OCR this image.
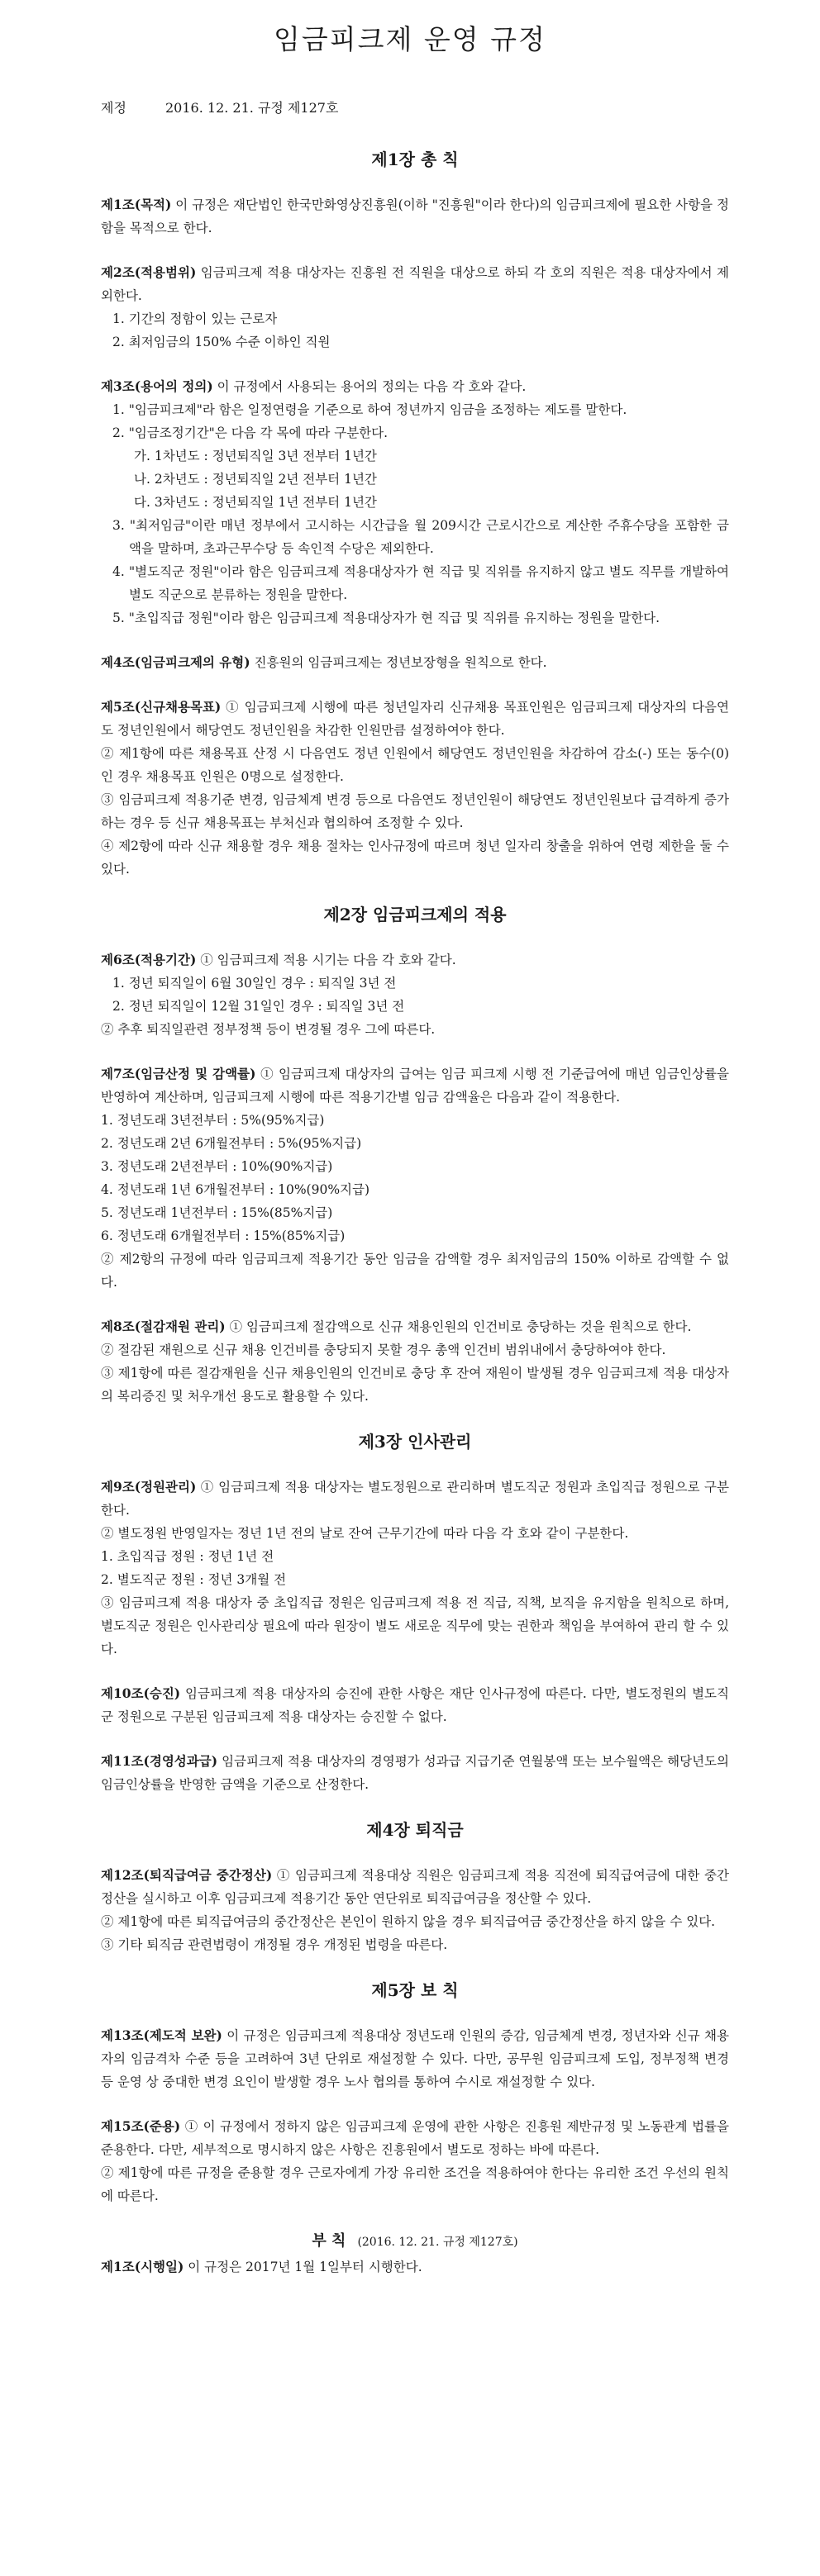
임금피크제 운영 규정
제정	2016. 12. 21. 규정 제127호
제1장 총 칙
제1조(목적) 이 규정은 재단법인 한국만화영상진흥원(이하 "진흥원"이라 한다)의 임금피크제에 필요한 사항을 정함을 목적으로 한다.
제2조(적용범위) 임금피크제 적용 대상자는 진흥원 전 직원을 대상으로 하되 각 호의 직원은 적용 대상자에서 제외한다.
1. 기간의 정함이 있는 근로자
2. 최저임금의 150% 수준 이하인 직원
제3조(용어의 정의) 이 규정에서 사용되는 용어의 정의는 다음 각 호와 같다.
1. "임금피크제"라 함은 일정연령을 기준으로 하여 정년까지 임금을 조정하는 제도를 말한다.
2. "임금조정기간"은 다음 각 목에 따라 구분한다.
가. 1차년도 : 정년퇴직일 3년 전부터 1년간
나. 2차년도 : 정년퇴직일 2년 전부터 1년간
다. 3차년도 : 정년퇴직일 1년 전부터 1년간
3. "최저임금"이란 매년 정부에서 고시하는 시간급을 월 209시간 근로시간으로 계산한 주휴수당을 포함한 금액을 말하며, 초과근무수당 등 속인적 수당은 제외한다.
4. "별도직군 정원"이라 함은 임금피크제 적용대상자가 현 직급 및 직위를 유지하지 않고 별도 직무를 개발하여 별도 직군으로 분류하는 정원을 말한다.
5. "초입직급 정원"이라 함은 임금피크제 적용대상자가 현 직급 및 직위를 유지하는 정원을 말한다.
제4조(임금피크제의 유형) 진흥원의 임금피크제는 정년보장형을 원칙으로 한다.
제5조(신규채용목표) ① 임금피크제 시행에 따른 청년일자리 신규채용 목표인원은 임금피크제 대상자의 다음연도 정년인원에서 해당연도 정년인원을 차감한 인원만큼 설정하여야 한다.
② 제1항에 따른 채용목표 산정 시 다음연도 정년 인원에서 해당연도 정년인원을 차감하여 감소(-) 또는 동수(0)인 경우 채용목표 인원은 0명으로 설정한다.
③ 임금피크제 적용기준 변경, 임금체계 변경 등으로 다음연도 정년인원이 해당연도 정년인원보다 급격하게 증가하는 경우 등 신규 채용목표는 부처신과 협의하여 조정할 수 있다.
④ 제2항에 따라 신규 채용할 경우 채용 절차는 인사규정에 따르며 청년 일자리 창출을 위하여 연령 제한을 둘 수 있다.
제2장 임금피크제의 적용
제6조(적용기간) ① 임금피크제 적용 시기는 다음 각 호와 같다.
1. 정년 퇴직일이 6월 30일인 경우 : 퇴직일 3년 전
2. 정년 퇴직일이 12월 31일인 경우 : 퇴직일 3년 전
② 추후 퇴직일관련 정부정책 등이 변경될 경우 그에 따른다.
제7조(임금산정 및 감액률) ① 임금피크제 대상자의 급여는 임금 피크제 시행 전 기준급여에 매년 임금인상률을 반영하여 계산하며, 임금피크제 시행에 따른 적용기간별 임금 감액율은 다음과 같이 적용한다.
1. 정년도래 3년전부터 : 5%(95%지급)
2. 정년도래 2년 6개월전부터 : 5%(95%지급)
3. 정년도래 2년전부터 : 10%(90%지급)
4. 정년도래 1년 6개월전부터 : 10%(90%지급)
5. 정년도래 1년전부터 : 15%(85%지급)
6. 정년도래 6개월전부터 : 15%(85%지급)
② 제2항의 규정에 따라 임금피크제 적용기간 동안 임금을 감액할 경우 최저임금의 150% 이하로 감액할 수 없다.
제8조(절감재원 관리) ① 임금피크제 절감액으로 신규 채용인원의 인건비로 충당하는 것을 원칙으로 한다.
② 절감된 재원으로 신규 채용 인건비를 충당되지 못할 경우 총액 인건비 범위내에서 충당하여야 한다.
③ 제1항에 따른 절감재원을 신규 채용인원의 인건비로 충당 후 잔여 재원이 발생될 경우 임금피크제 적용 대상자의 복리증진 및 처우개선 용도로 활용할 수 있다.
제3장 인사관리
제9조(정원관리) ① 임금피크제 적용 대상자는 별도정원으로 관리하며 별도직군 정원과 초입직급 정원으로 구분한다.
② 별도정원 반영일자는 정년 1년 전의 날로 잔여 근무기간에 따라 다음 각 호와 같이 구분한다.
1. 초입직급 정원 : 정년 1년 전
2. 별도직군 정원 : 정년 3개월 전
③ 임금피크제 적용 대상자 중 초입직급 정원은 임금피크제 적용 전 직급, 직책, 보직을 유지함을 원칙으로 하며, 별도직군 정원은 인사관리상 필요에 따라 원장이 별도 새로운 직무에 맞는 권한과 책임을 부여하여 관리 할 수 있다.
제10조(승진) 임금피크제 적용 대상자의 승진에 관한 사항은 재단 인사규정에 따른다. 다만, 별도정원의 별도직군 정원으로 구분된 임금피크제 적용 대상자는 승진할 수 없다.
제11조(경영성과급) 임금피크제 적용 대상자의 경영평가 성과급 지급기준 연월봉액 또는 보수월액은 해당년도의 임금인상률을 반영한 금액을 기준으로 산정한다.
제4장 퇴직금
제12조(퇴직급여금 중간정산) ① 임금피크제 적용대상 직원은 임금피크제 적용 직전에 퇴직급여금에 대한 중간정산을 실시하고 이후 임금피크제 적용기간 동안 연단위로 퇴직급여금을 정산할 수 있다.
② 제1항에 따른 퇴직급여금의 중간정산은 본인이 원하지 않을 경우 퇴직급여금 중간정산을 하지 않을 수 있다.
③ 기타 퇴직금 관련법령이 개정될 경우 개정된 법령을 따른다.
제5장 보 칙
제13조(제도적 보완) 이 규정은 임금피크제 적용대상 정년도래 인원의 증감, 임금체계 변경, 정년자와 신규 채용자의 임금격차 수준 등을 고려하여 3년 단위로 재설정할 수 있다. 다만, 공무원 임금피크제 도입, 정부정책 변경 등 운영 상 중대한 변경 요인이 발생할 경우 노사 협의를 통하여 수시로 재설정할 수 있다.
제15조(준용) ① 이 규정에서 정하지 않은 임금피크제 운영에 관한 사항은 진흥원 제반규정 및 노동관계 법률을 준용한다. 다만, 세부적으로 명시하지 않은 사항은 진흥원에서 별도로 정하는 바에 따른다.
② 제1항에 따른 규정을 준용할 경우 근로자에게 가장 유리한 조건을 적용하여야 한다는 유리한 조건 우선의 원칙에 따른다.
부 칙 (2016. 12. 21. 규정 제127호)
제1조(시행일) 이 규정은 2017년 1월 1일부터 시행한다.
